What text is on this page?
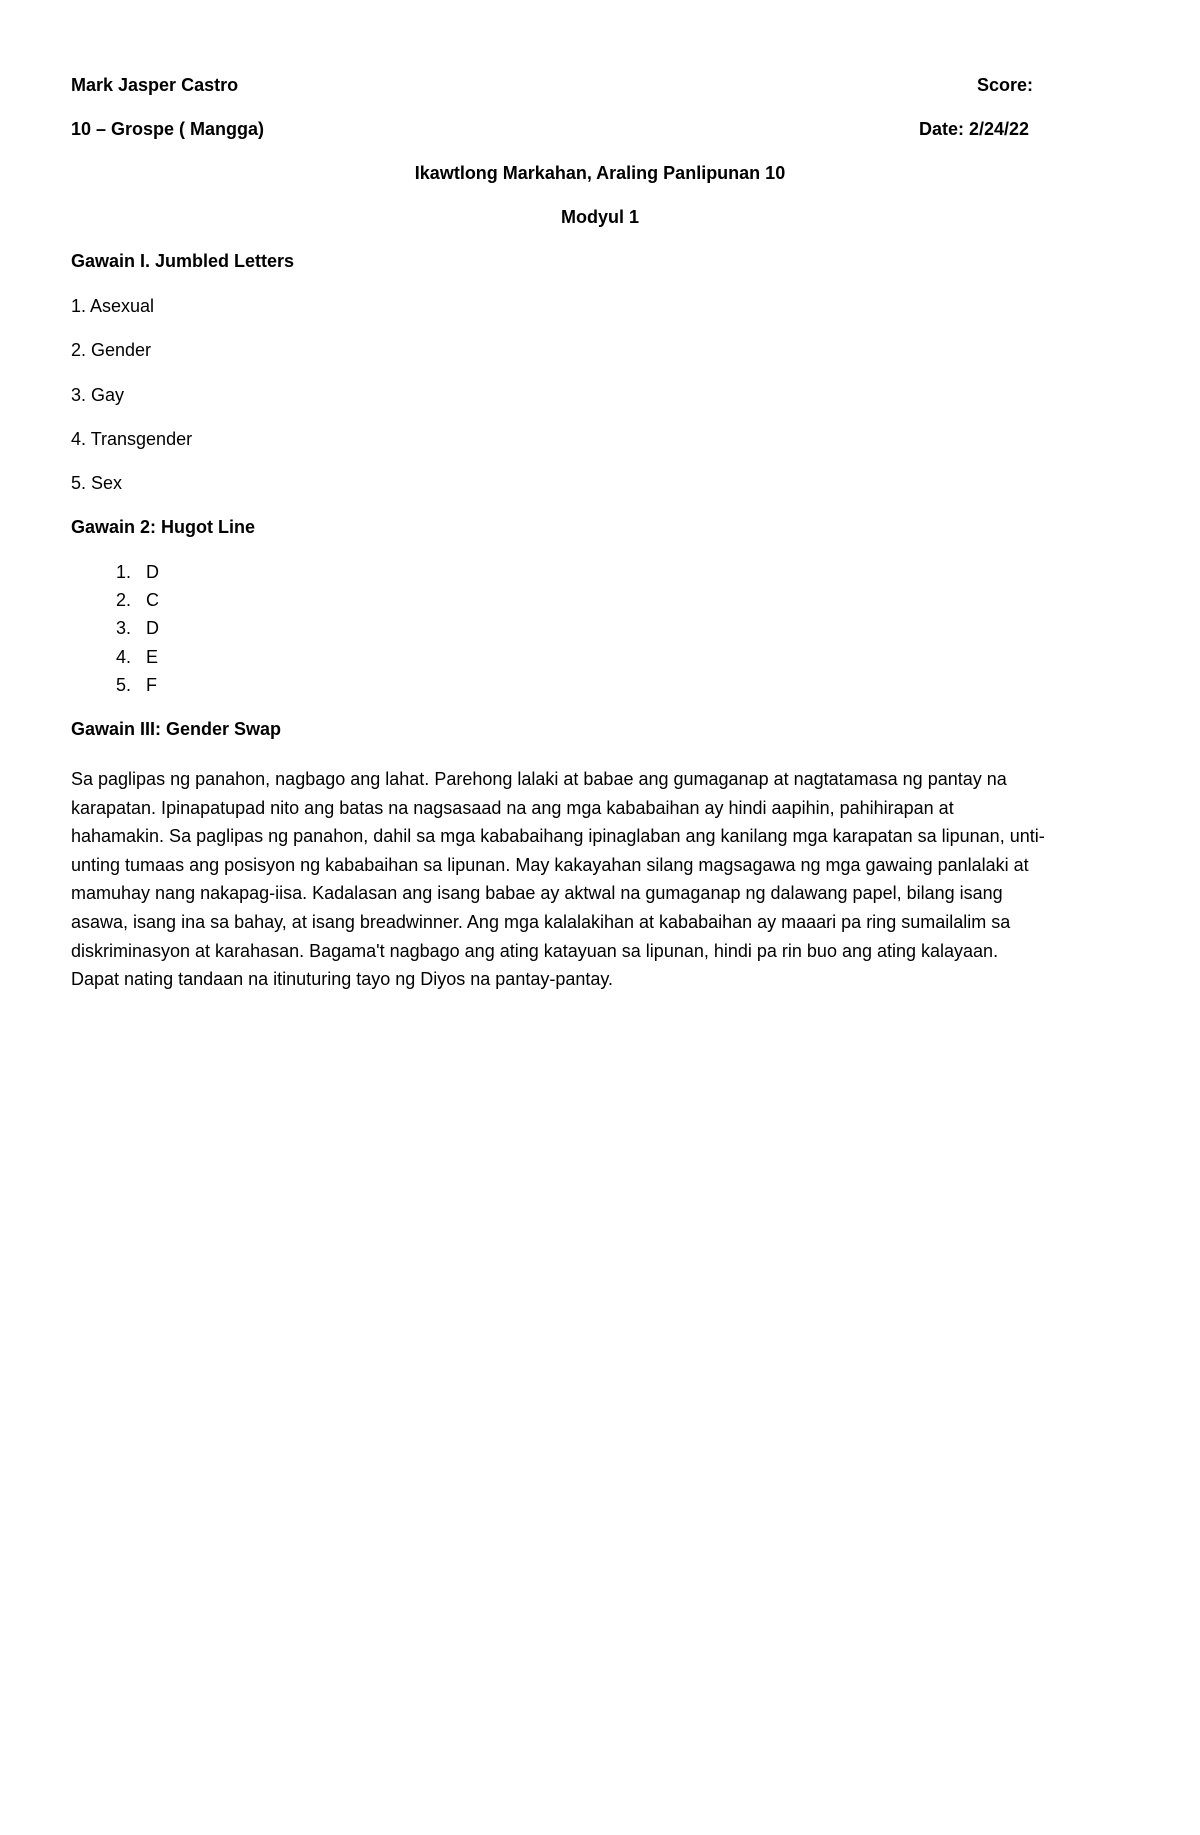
Mark Jasper Castro	Score:
10 – Grospe ( Mangga)	Date: 2/24/22
Ikawtlong Markahan, Araling Panlipunan 10
Modyul 1
Gawain I. Jumbled Letters
1. Asexual
2. Gender
3. Gay
4. Transgender
5. Sex
Gawain 2: Hugot Line
1. D
2. C
3. D
4. E
5. F
Gawain III: Gender Swap
Sa paglipas ng panahon, nagbago ang lahat. Parehong lalaki at babae ang gumaganap at nagtatamasa ng pantay na
karapatan. Ipinapatupad nito ang batas na nagsasaad na ang mga kababaihan ay hindi aapihin, pahihirapan at
hahamakin. Sa paglipas ng panahon, dahil sa mga kababaihang ipinaglaban ang kanilang mga karapatan sa lipunan, unti-
unting tumaas ang posisyon ng kababaihan sa lipunan. May kakayahan silang magsagawa ng mga gawaing panlalaki at
mamuhay nang nakapag-iisa. Kadalasan ang isang babae ay aktwal na gumaganap ng dalawang papel, bilang isang
asawa, isang ina sa bahay, at isang breadwinner. Ang mga kalalakihan at kababaihan ay maaari pa ring sumailalim sa
diskriminasyon at karahasan. Bagama't nagbago ang ating katayuan sa lipunan, hindi pa rin buo ang ating kalayaan.
Dapat nating tandaan na itinuturing tayo ng Diyos na pantay-pantay.
